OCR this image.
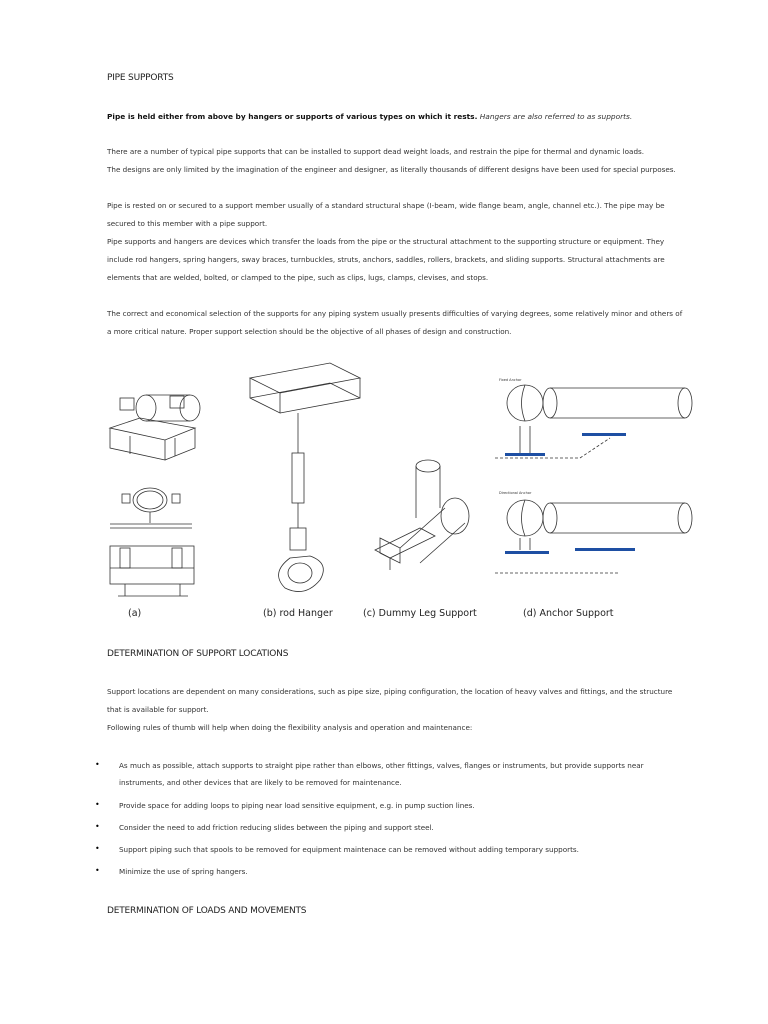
PIPE SUPPORTS
Pipe is held either from above by hangers or supports of various types on which it rests. Hangers are also referred to as supports.
There are a number of typical pipe supports that can be installed to support dead weight loads, and restrain the pipe for thermal and dynamic loads.
The designs are only limited by the imagination of the engineer and designer, as literally thousands of different designs have been used for special purposes.
Pipe is rested on or secured to a support member usually of a standard structural shape (I-beam, wide flange beam, angle, channel etc.). The pipe may be
secured to this member with a pipe support.
Pipe supports and hangers are devices which transfer the loads from the pipe or the structural attachment to the supporting structure or equipment. They
include rod hangers, spring hangers, sway braces, turnbuckles, struts, anchors, saddles, rollers, brackets, and sliding supports. Structural attachments are
elements that are welded, bolted, or clamped to the pipe, such as clips, lugs, clamps, clevises, and stops.
The correct and economical selection of the supports for any piping system usually presents difficulties of varying degrees, some relatively minor and others of
a more critical nature. Proper support selection should be the objective of all phases of design and construction.
Fixed Anchor
Directional Anchor
(a)	(b) rod Hanger	(c) Dummy Leg Support	(d) Anchor Support
DETERMINATION OF SUPPORT LOCATIONS
Support locations are dependent on many considerations, such as pipe size, piping configuration, the location of heavy valves and fittings, and the structure
that is available for support.
Following rules of thumb will help when doing the flexibility analysis and operation and maintenance:
•	As much as possible, attach supports to straight pipe rather than elbows, other fittings, valves, flanges or instruments, but provide supports near
instruments, and other devices that are likely to be removed for maintenance.
•	Provide space for adding loops to piping near load sensitive equipment, e.g. in pump suction lines.
•	Consider the need to add friction reducing slides between the piping and support steel.
•	Support piping such that spools to be removed for equipment maintenace can be removed without adding temporary supports.
•	Minimize the use of spring hangers.
DETERMINATION OF LOADS AND MOVEMENTS
